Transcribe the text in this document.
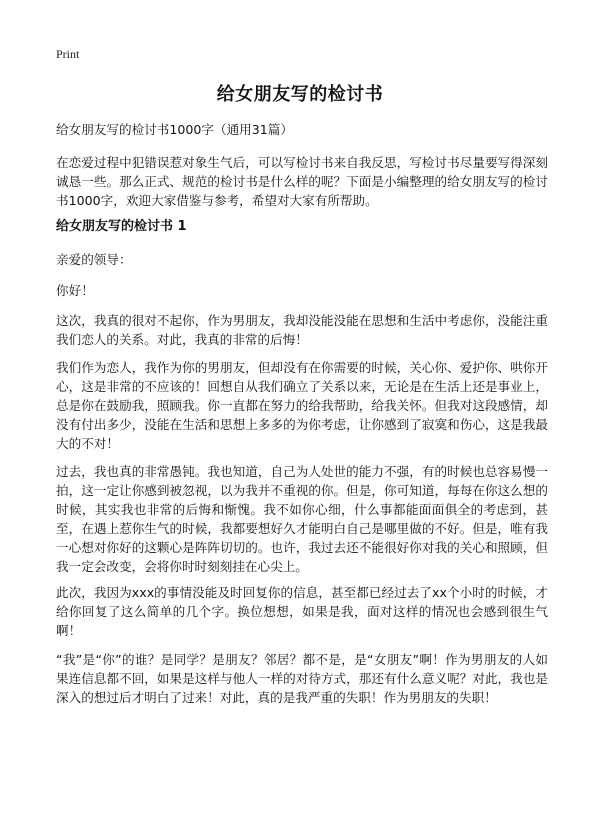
Print
给女朋友写的检讨书
给女朋友写的检讨书1000字（通用31篇）
在恋爱过程中犯错误惹对象生气后，可以写检讨书来自我反思，写检讨书尽量要写得深刻诚恳一些。那么正式、规范的检讨书是什么样的呢？下面是小编整理的给女朋友写的检讨书1000字，欢迎大家借鉴与参考，希望对大家有所帮助。
给女朋友写的检讨书 1
亲爱的领导：
你好！
这次，我真的很对不起你，作为男朋友，我却没能没能在思想和生活中考虑你，没能注重我们恋人的关系。对此，我真的非常的后悔！
我们作为恋人，我作为你的男朋友，但却没有在你需要的时候，关心你、爱护你、哄你开心，这是非常的不应该的！回想自从我们确立了关系以来，无论是在生活上还是事业上，总是你在鼓励我，照顾我。你一直都在努力的给我帮助，给我关怀。但我对这段感情，却没有付出多少，没能在生活和思想上多多的为你考虑，让你感到了寂寞和伤心，这是我最大的不对！
过去，我也真的非常愚钝。我也知道，自己为人处世的能力不强，有的时候也总容易慢一拍，这一定让你感到被忽视，以为我并不重视的你。但是，你可知道，每每在你这么想的时候，其实我也非常的后悔和惭愧。我不如你心细，什么事都能面面俱全的考虑到，甚至，在遇上惹你生气的时候，我都要想好久才能明白自己是哪里做的不好。但是，唯有我一心想对你好的这颗心是阵阵切切的。也许，我过去还不能很好你对我的关心和照顾，但我一定会改变，会将你时时刻刻挂在心尖上。
此次，我因为xxx的事情没能及时回复你的信息，甚至都已经过去了xx个小时的时候，才给你回复了这么简单的几个字。换位想想，如果是我，面对这样的情况也会感到很生气啊！
“我”是“你”的谁？是同学？是朋友？邻居？都不是，是“女朋友”啊！作为男朋友的人如果连信息都不回，如果是这样与他人一样的对待方式，那还有什么意义呢？对此，我也是深入的想过后才明白了过来！对此，真的是我严重的失职！作为男朋友的失职！
